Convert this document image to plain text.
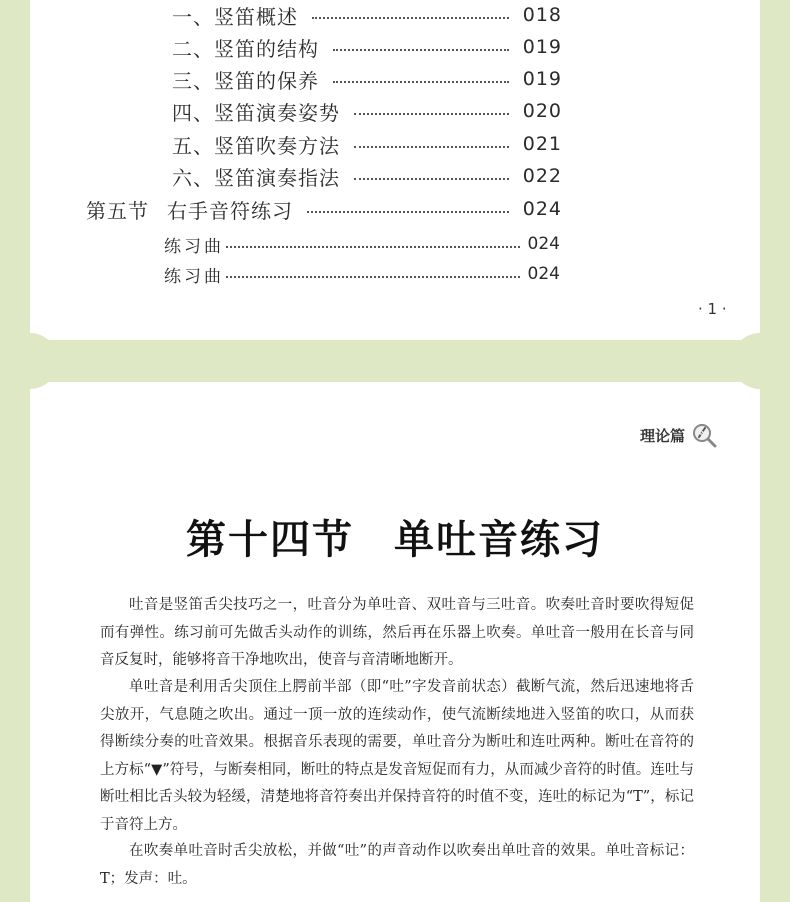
一、竖笛概述	018
二、竖笛的结构	019
三、竖笛的保养	019
四、竖笛演奏姿势	020
五、竖笛吹奏方法	021
六、竖笛演奏指法	022
第五节 右手音符练习	024
练习曲	024
练习曲	024
· 1 ·
理论篇
第十四节 单吐音练习

吐音是竖笛舌尖技巧之一，吐音分为单吐音、双吐音与三吐音。吹奏吐音时要吹得短促而有弹性。练习前可先做舌头动作的训练，然后再在乐器上吹奏。单吐音一般用在长音与同音反复时，能够将音干净地吹出，使音与音清晰地断开。

单吐音是利用舌尖顶住上腭前半部（即“吐”字发音前状态）截断气流，然后迅速地将舌尖放开，气息随之吹出。通过一顶一放的连续动作，使气流断续地进入竖笛的吹口，从而获得断续分奏的吐音效果。根据音乐表现的需要，单吐音分为断吐和连吐两种。断吐在音符的上方标“▼”符号，与断奏相同，断吐的特点是发音短促而有力，从而减少音符的时值。连吐与断吐相比舌头较为轻缓，清楚地将音符奏出并保持音符的时值不变，连吐的标记为“T”，标记于音符上方。

在吹奏单吐音时舌尖放松，并做“吐”的声音动作以吹奏出单吐音的效果。单吐音标记：T；发声：吐。
